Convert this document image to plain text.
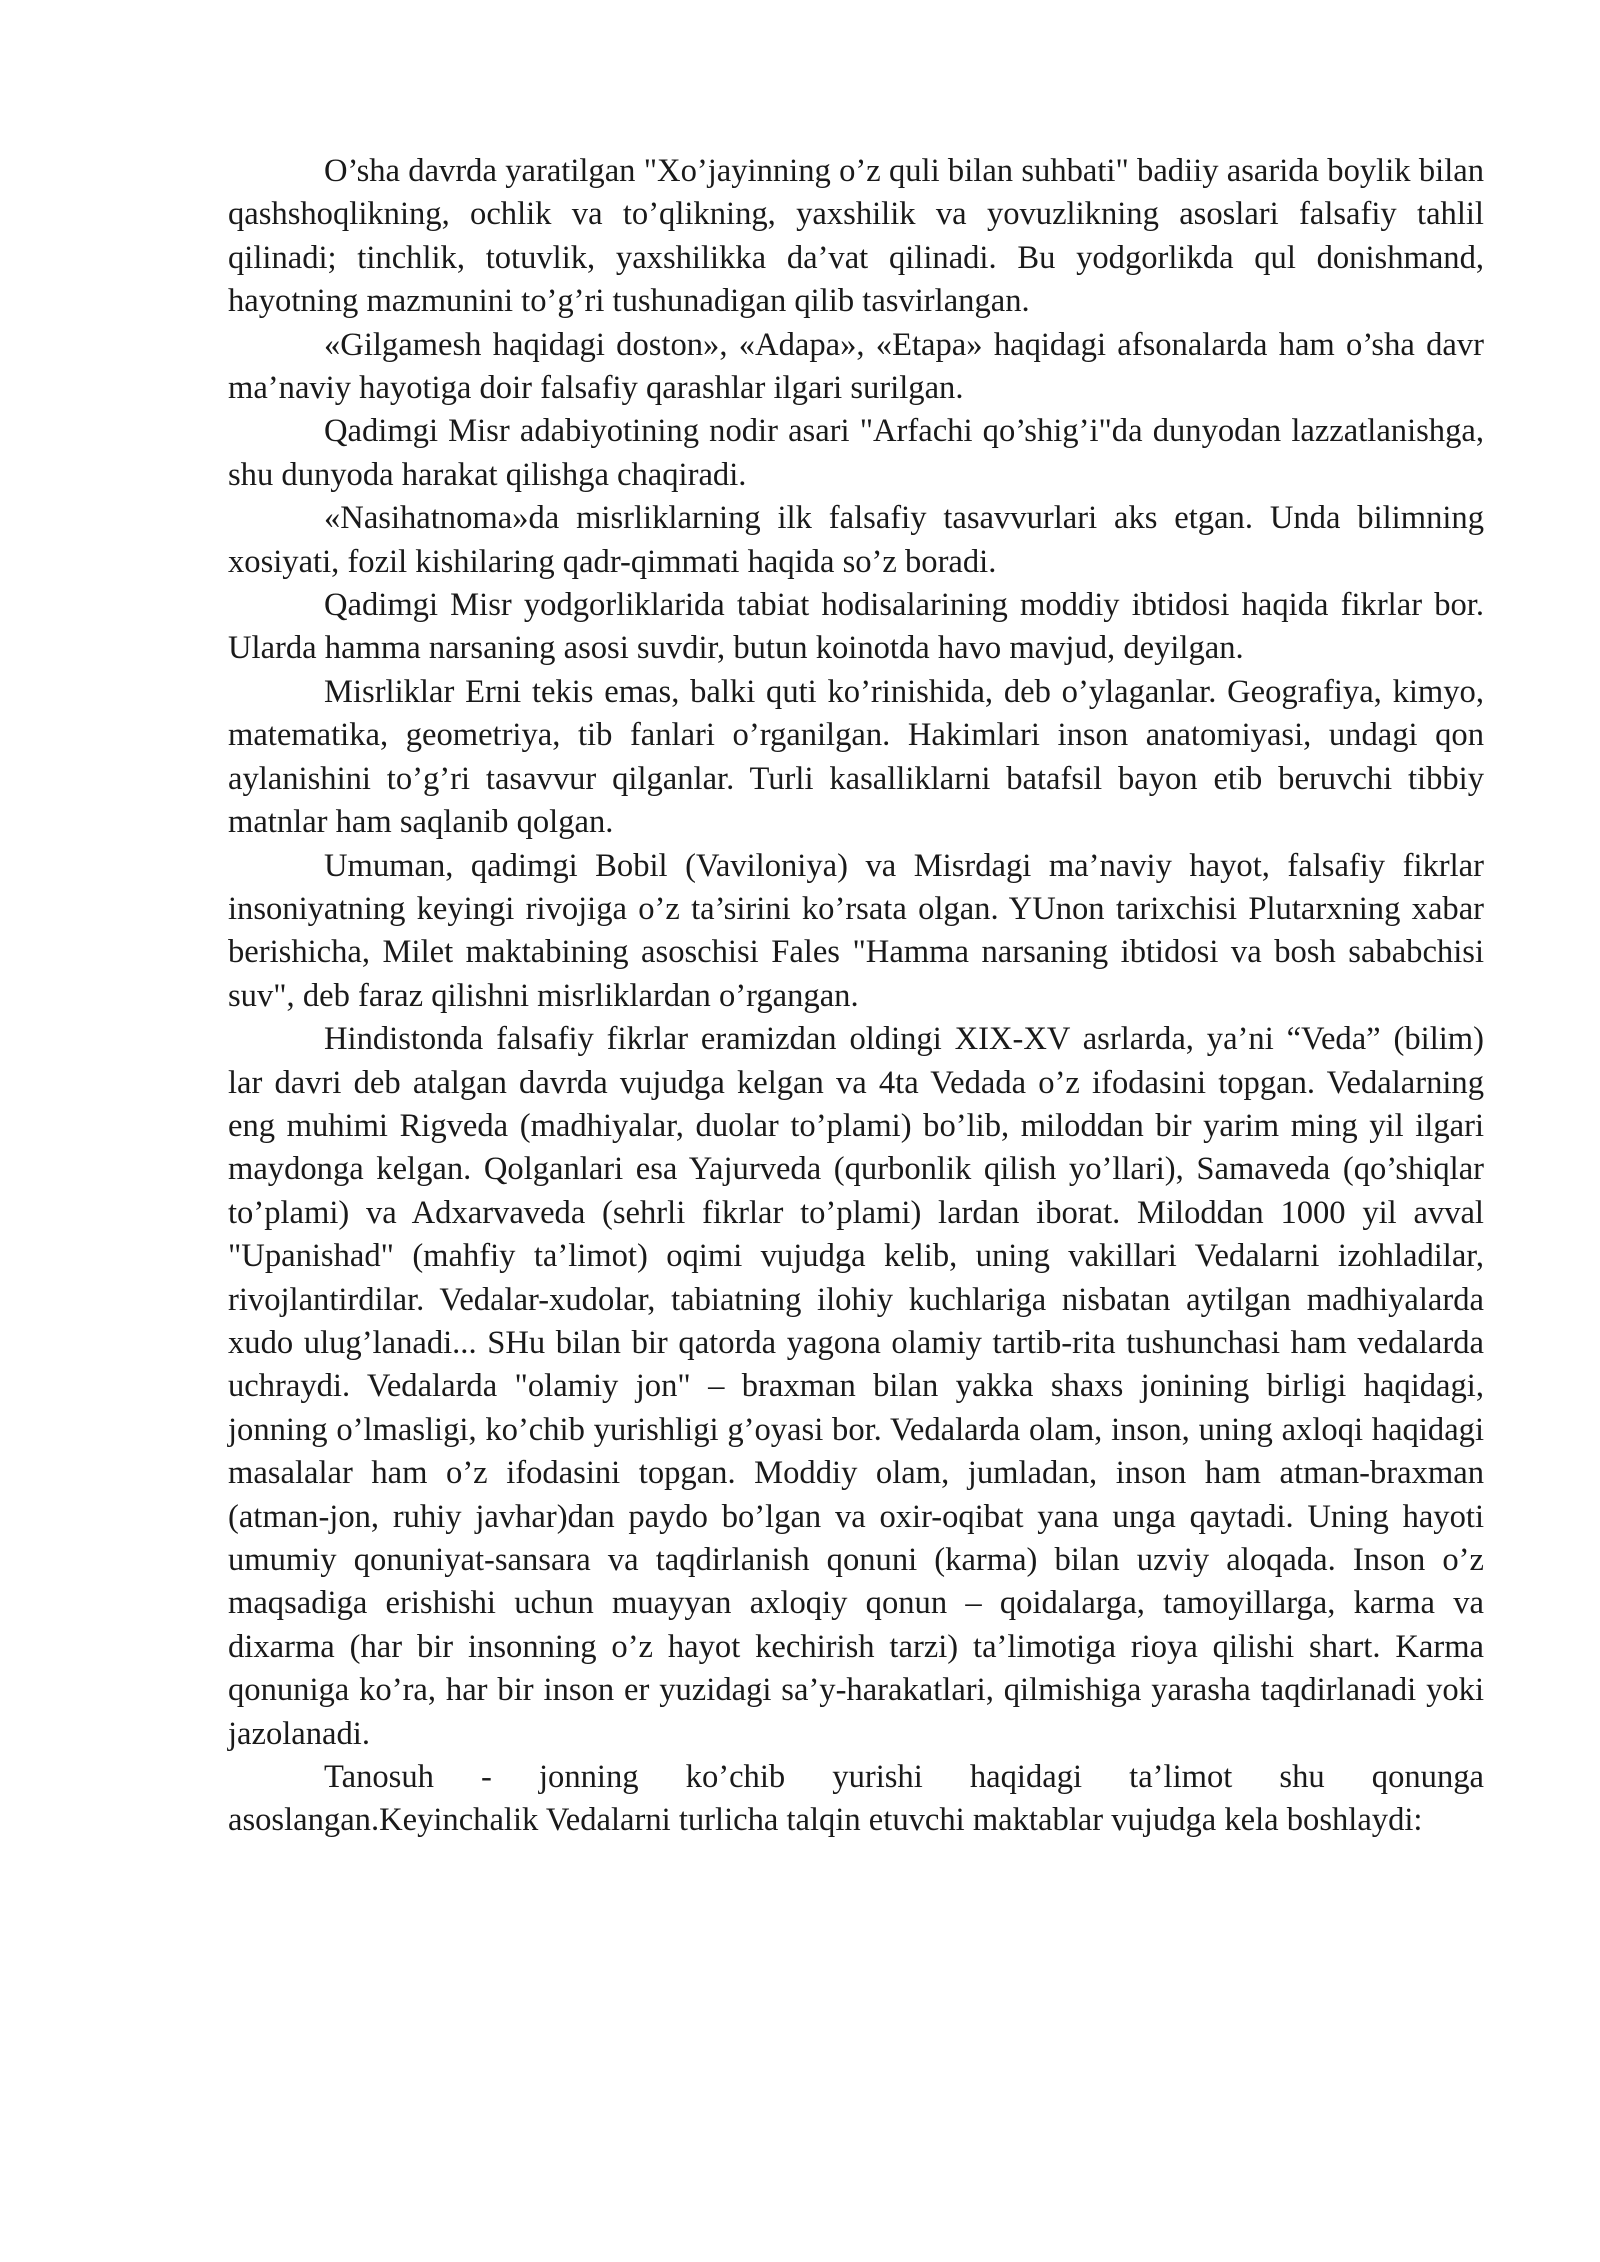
O’sha davrda yaratilgan "Xo’jayinning o’z quli bilan suhbati" badiiy asarida boylik bilan qashshoqlikning, ochlik va to’qlikning, yaxshilik va yovuzlikning asoslari falsafiy tahlil qilinadi; tinchlik, totuvlik, yaxshilikka da’vat qilinadi. Bu yodgorlikda qul donishmand, hayotning mazmunini to’g’ri tushunadigan qilib tasvirlangan.

«Gilgamesh haqidagi doston», «Adapa», «Etapa» haqidagi afsonalarda ham o’sha davr ma’naviy hayotiga doir falsafiy qarashlar ilgari surilgan.

Qadimgi Misr adabiyotining nodir asari "Arfachi qo’shig’i"da dunyodan lazzatlanishga, shu dunyoda harakat qilishga chaqiradi.

«Nasihatnoma»da misrliklarning ilk falsafiy tasavvurlari aks etgan. Unda bilimning xosiyati, fozil kishilaring qadr-qimmati haqida so’z boradi.

Qadimgi Misr yodgorliklarida tabiat hodisalarining moddiy ibtidosi haqida fikrlar bor. Ularda hamma narsaning asosi suvdir, butun koinotda havo mavjud, deyilgan.

Misrliklar Erni tekis emas, balki quti ko’rinishida, deb o’ylaganlar. Geografiya, kimyo, matematika, geometriya, tib fanlari o’rganilgan. Hakimlari inson anatomiyasi, undagi qon aylanishini to’g’ri tasavvur qilganlar. Turli kasalliklarni batafsil bayon etib beruvchi tibbiy matnlar ham saqlanib qolgan.

Umuman, qadimgi Bobil (Vaviloniya) va Misrdagi ma’naviy hayot, falsafiy fikrlar insoniyatning keyingi rivojiga o’z ta’sirini ko’rsata olgan. YUnon tarixchisi Plutarxning xabar berishicha, Milet maktabining asoschisi Fales "Hamma narsaning ibtidosi va bosh sababchisi suv", deb faraz qilishni misrliklardan o’rgangan.

Hindistonda falsafiy fikrlar eramizdan oldingi XIX-XV asrlarda, ya’ni “Veda” (bilim) lar davri deb atalgan davrda vujudga kelgan va 4ta Vedada o’z ifodasini topgan. Vedalarning eng muhimi Rigveda (madhiyalar, duolar to’plami) bo’lib, miloddan bir yarim ming yil ilgari maydonga kelgan. Qolganlari esa Yajurveda (qurbonlik qilish yo’llari), Samaveda (qo’shiqlar to’plami) va Adxarvaveda (sehrli fikrlar to’plami) lardan iborat. Miloddan 1000 yil avval "Upanishad" (mahfiy ta’limot) oqimi vujudga kelib, uning vakillari Vedalarni izohladilar, rivojlantirdilar. Vedalar-xudolar, tabiatning ilohiy kuchlariga nisbatan aytilgan madhiyalarda xudo ulug’lanadi... SHu bilan bir qatorda yagona olamiy tartib-rita tushunchasi ham vedalarda uchraydi. Vedalarda "olamiy jon" – braxman bilan yakka shaxs jonining birligi haqidagi, jonning o’lmasligi, ko’chib yurishligi g’oyasi bor. Vedalarda olam, inson, uning axloqi haqidagi masalalar ham o’z ifodasini topgan. Moddiy olam, jumladan, inson ham atman-braxman (atman-jon, ruhiy javhar)dan paydo bo’lgan va oxir-oqibat yana unga qaytadi. Uning hayoti umumiy qonuniyat-sansara va taqdirlanish qonuni (karma) bilan uzviy aloqada. Inson o’z maqsadiga erishishi uchun muayyan axloqiy qonun – qoidalarga, tamoyillarga, karma va dixarma (har bir insonning o’z hayot kechirish tarzi) ta’limotiga rioya qilishi shart. Karma qonuniga ko’ra, har bir inson er yuzidagi sa’y-harakatlari, qilmishiga yarasha taqdirlanadi yoki jazolanadi.

Tanosuh - jonning ko’chib yurishi haqidagi ta’limot shu qonunga asoslangan.Keyinchalik Vedalarni turlicha talqin etuvchi maktablar vujudga kela boshlaydi:
